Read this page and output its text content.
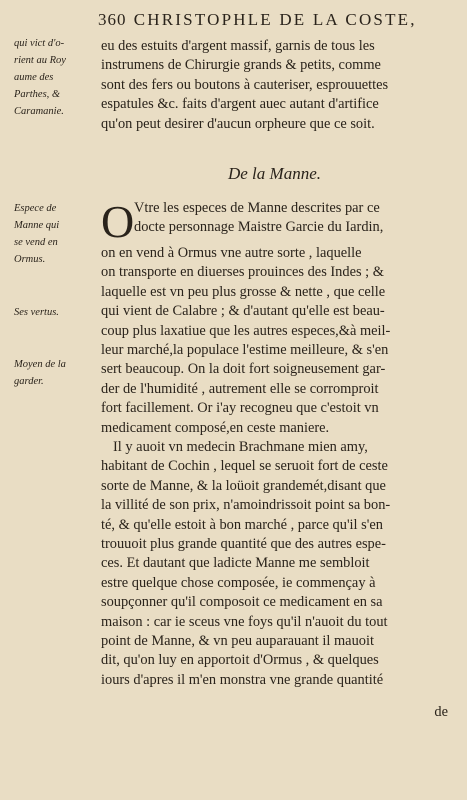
360 CHRISTOPHLE DE LA COSTE,
qui vict d'o-
rient au Roy
aume des
Parthes, & Caramanie.
Espece de
Manne qui
se vend en
Ormus.
Ses vertus.
Moyen de la
garder.
eu des estuits d'argent massif, garnis de tous les
instrumens de Chirurgie grands & petits, comme
sont des fers ou boutons à cauteriser, esprouuettes
espatules &c. faits d'argent auec autant d'artifice
qu'on peut desirer d'aucun orpheure que ce soit.
De la Manne.
O Vtre les especes de Manne descrites par ce
docte personnage Maistre Garcie du Iardin,
on en vend à Ormus vne autre sorte , laquelle
on transporte en diuerses prouinces des Indes ; &
laquelle est vn peu plus grosse & nette , que celle
qui vient de Calabre ; & d'autant qu'elle est beau-
coup plus laxatiue que les autres especes,&à meil-
leur marché,la populace l'estime meilleure, & s'en
sert beaucoup. On la doit fort soigneusement gar-
der de l'humidité , autrement elle se corromproit
fort facillement. Or i'ay recogneu que c'estoit vn
medicament composé,en ceste maniere.
Il y auoit vn medecin Brachmane mien amy,
habitant de Cochin , lequel se seruoit fort de ceste
sorte de Manne, & la loüoit grandemét,disant que
la villité de son prix, n'amoindrissoit point sa bon-
té, & qu'elle estoit à bon marché , parce qu'il s'en
trouuoit plus grande quantité que des autres espe-
ces. Et dautant que ladicte Manne me sembloit
estre quelque chose composée, ie commençay à
soupçonner qu'il composoit ce medicament en sa
maison : car ie sceus vne foys qu'il n'auoit du tout
point de Manne, & vn peu auparauant il mauoit
dit, qu'on luy en apportoit d'Ormus , & quelques
iours d'apres il m'en monstra vne grande quantité
de
